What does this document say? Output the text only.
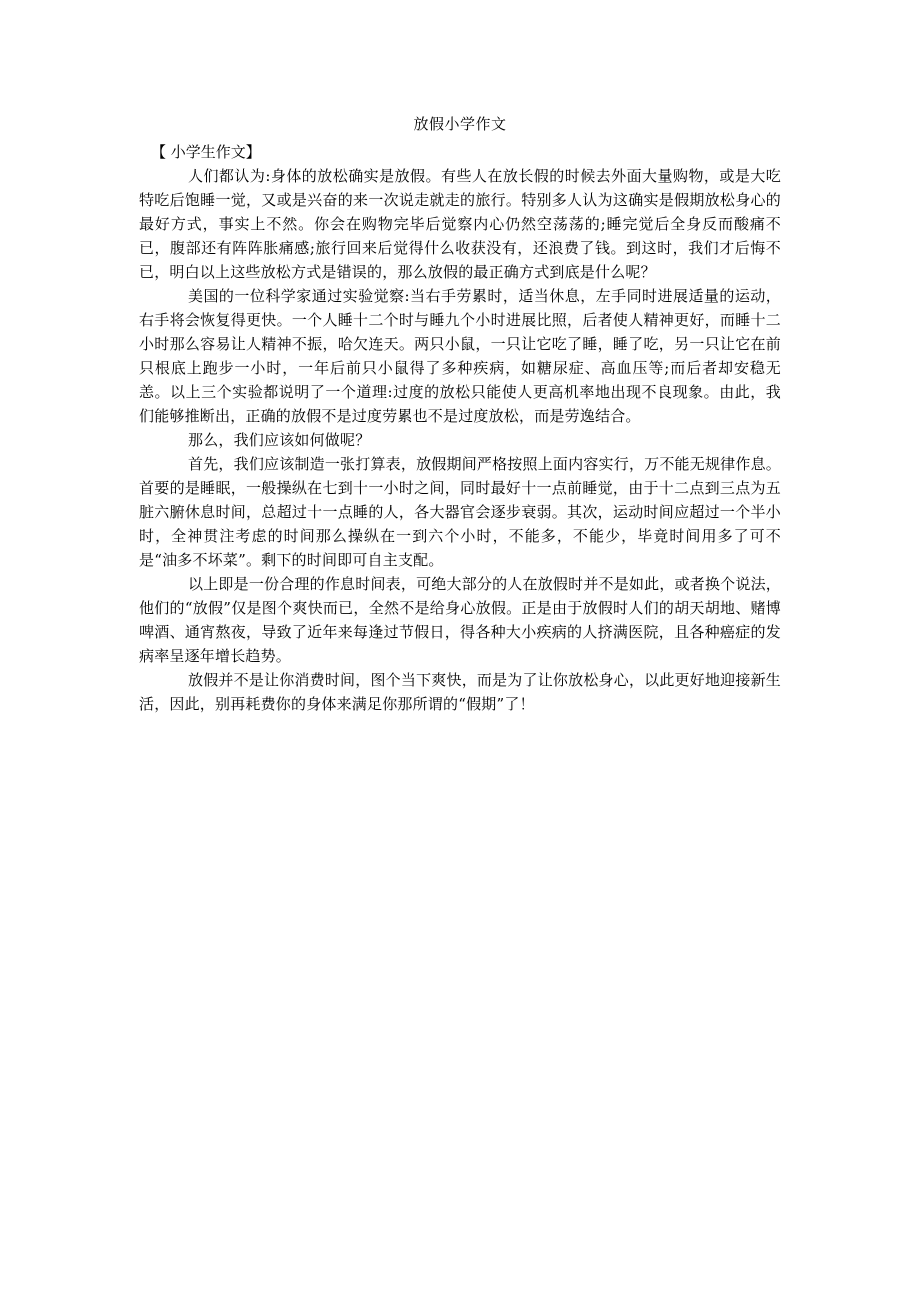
放假小学作文
【 小学生作文】

人们都认为:身体的放松确实是放假。有些人在放长假的时候去外面大量购物，或是大吃特吃后饱睡一觉，又或是兴奋的来一次说走就走的旅行。特别多人认为这确实是假期放松身心的最好方式，事实上不然。你会在购物完毕后觉察内心仍然空荡荡的;睡完觉后全身反而酸痛不已，腹部还有阵阵胀痛感;旅行回来后觉得什么收获没有，还浪费了钱。到这时，我们才后悔不已，明白以上这些放松方式是错误的，那么放假的最正确方式到底是什么呢？

美国的一位科学家通过实验觉察:当右手劳累时，适当休息，左手同时进展适量的运动，右手将会恢复得更快。一个人睡十二个时与睡九个小时进展比照，后者使人精神更好，而睡十二小时那么容易让人精神不振，哈欠连天。两只小鼠，一只让它吃了睡，睡了吃，另一只让它在前只根底上跑步一小时，一年后前只小鼠得了多种疾病，如糖尿症、高血压等;而后者却安稳无恙。以上三个实验都说明了一个道理:过度的放松只能使人更高机率地出现不良现象。由此，我们能够推断出，正确的放假不是过度劳累也不是过度放松，而是劳逸结合。

那么，我们应该如何做呢？

首先，我们应该制造一张打算表，放假期间严格按照上面内容实行，万不能无规律作息。首要的是睡眠，一般操纵在七到十一小时之间，同时最好十一点前睡觉，由于十二点到三点为五脏六腑休息时间，总超过十一点睡的人，各大器官会逐步衰弱。其次，运动时间应超过一个半小时，全神贯注考虑的时间那么操纵在一到六个小时，不能多，不能少，毕竟时间用多了可不是“油多不坏菜”。剩下的时间即可自主支配。

以上即是一份合理的作息时间表，可绝大部分的人在放假时并不是如此，或者换个说法，他们的“放假”仅是图个爽快而已，全然不是给身心放假。正是由于放假时人们的胡天胡地、赌博啤酒、通宵熬夜，导致了近年来每逢过节假日，得各种大小疾病的人挤满医院，且各种癌症的发病率呈逐年增长趋势。

放假并不是让你消费时间，图个当下爽快，而是为了让你放松身心，以此更好地迎接新生活，因此，别再耗费你的身体来满足你那所谓的“假期”了！
